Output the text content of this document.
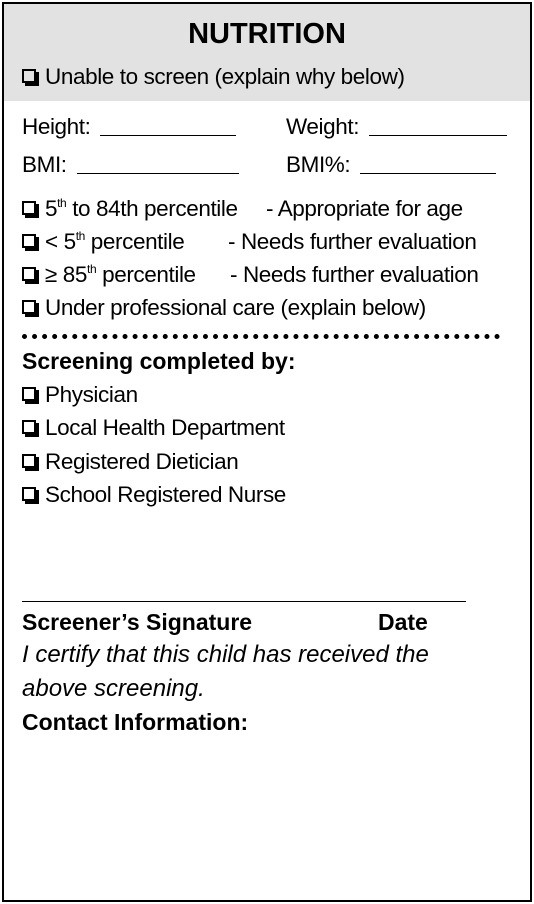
NUTRITION
Unable to screen (explain why below)
Height:	Weight:
BMI:	BMI%:
5th to 84th percentile - Appropriate for age
< 5th percentile - Needs further evaluation
≥ 85th percentile - Needs further evaluation
Under professional care (explain below)
Screening completed by:
Physician
Local Health Department
Registered Dietician
School Registered Nurse
Screener’s Signature	Date
I certify that this child has received the
above screening.
Contact Information:
